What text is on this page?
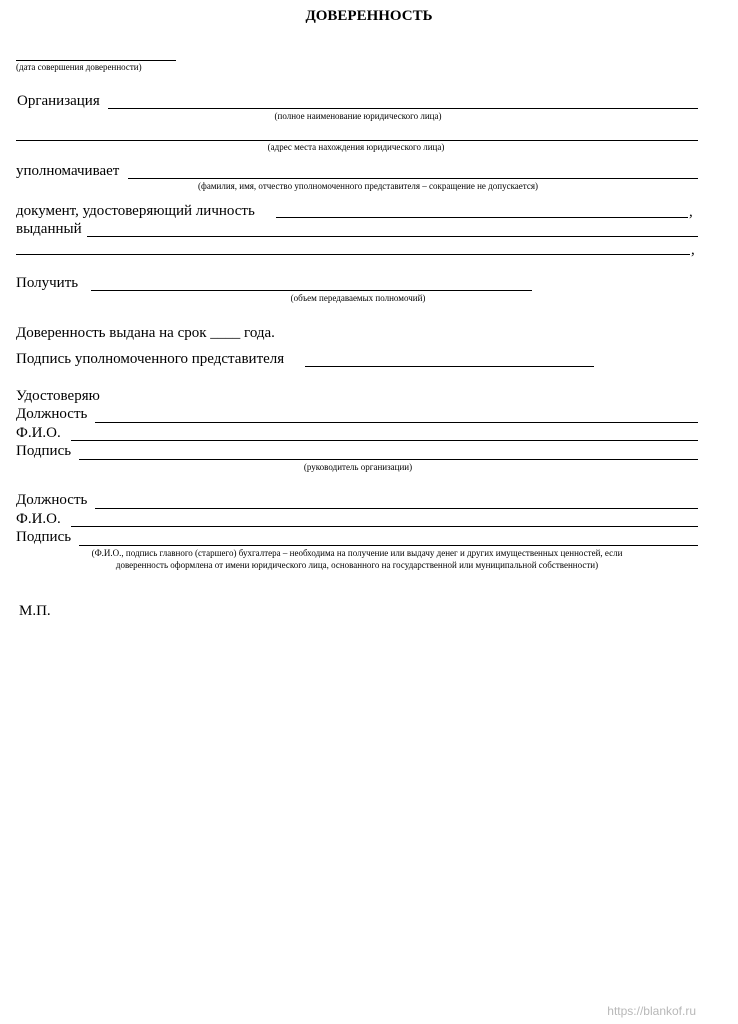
ДОВЕРЕННОСТЬ
(дата совершения доверенности)
Организация
(полное наименование юридического лица)
(адрес места нахождения юридического лица)
уполномачивает
(фамилия, имя, отчество уполномоченного представителя – сокращение не допускается)
документ, удостоверяющий личность	,
выданный
,
Получить
(объем передаваемых полномочий)
Доверенность выдана на срок ____ года.
Подпись уполномоченного представителя
Удостоверяю
Должность
Ф.И.О.
Подпись
(руководитель организации)
Должность
Ф.И.О.
Подпись
(Ф.И.О., подпись главного (старшего) бухгалтера – необходима на получение или выдачу денег и других имущественных ценностей, если
доверенность оформлена от имени юридического лица, основанного на государственной или муниципальной собственности)
М.П.
https://blankof.ru
